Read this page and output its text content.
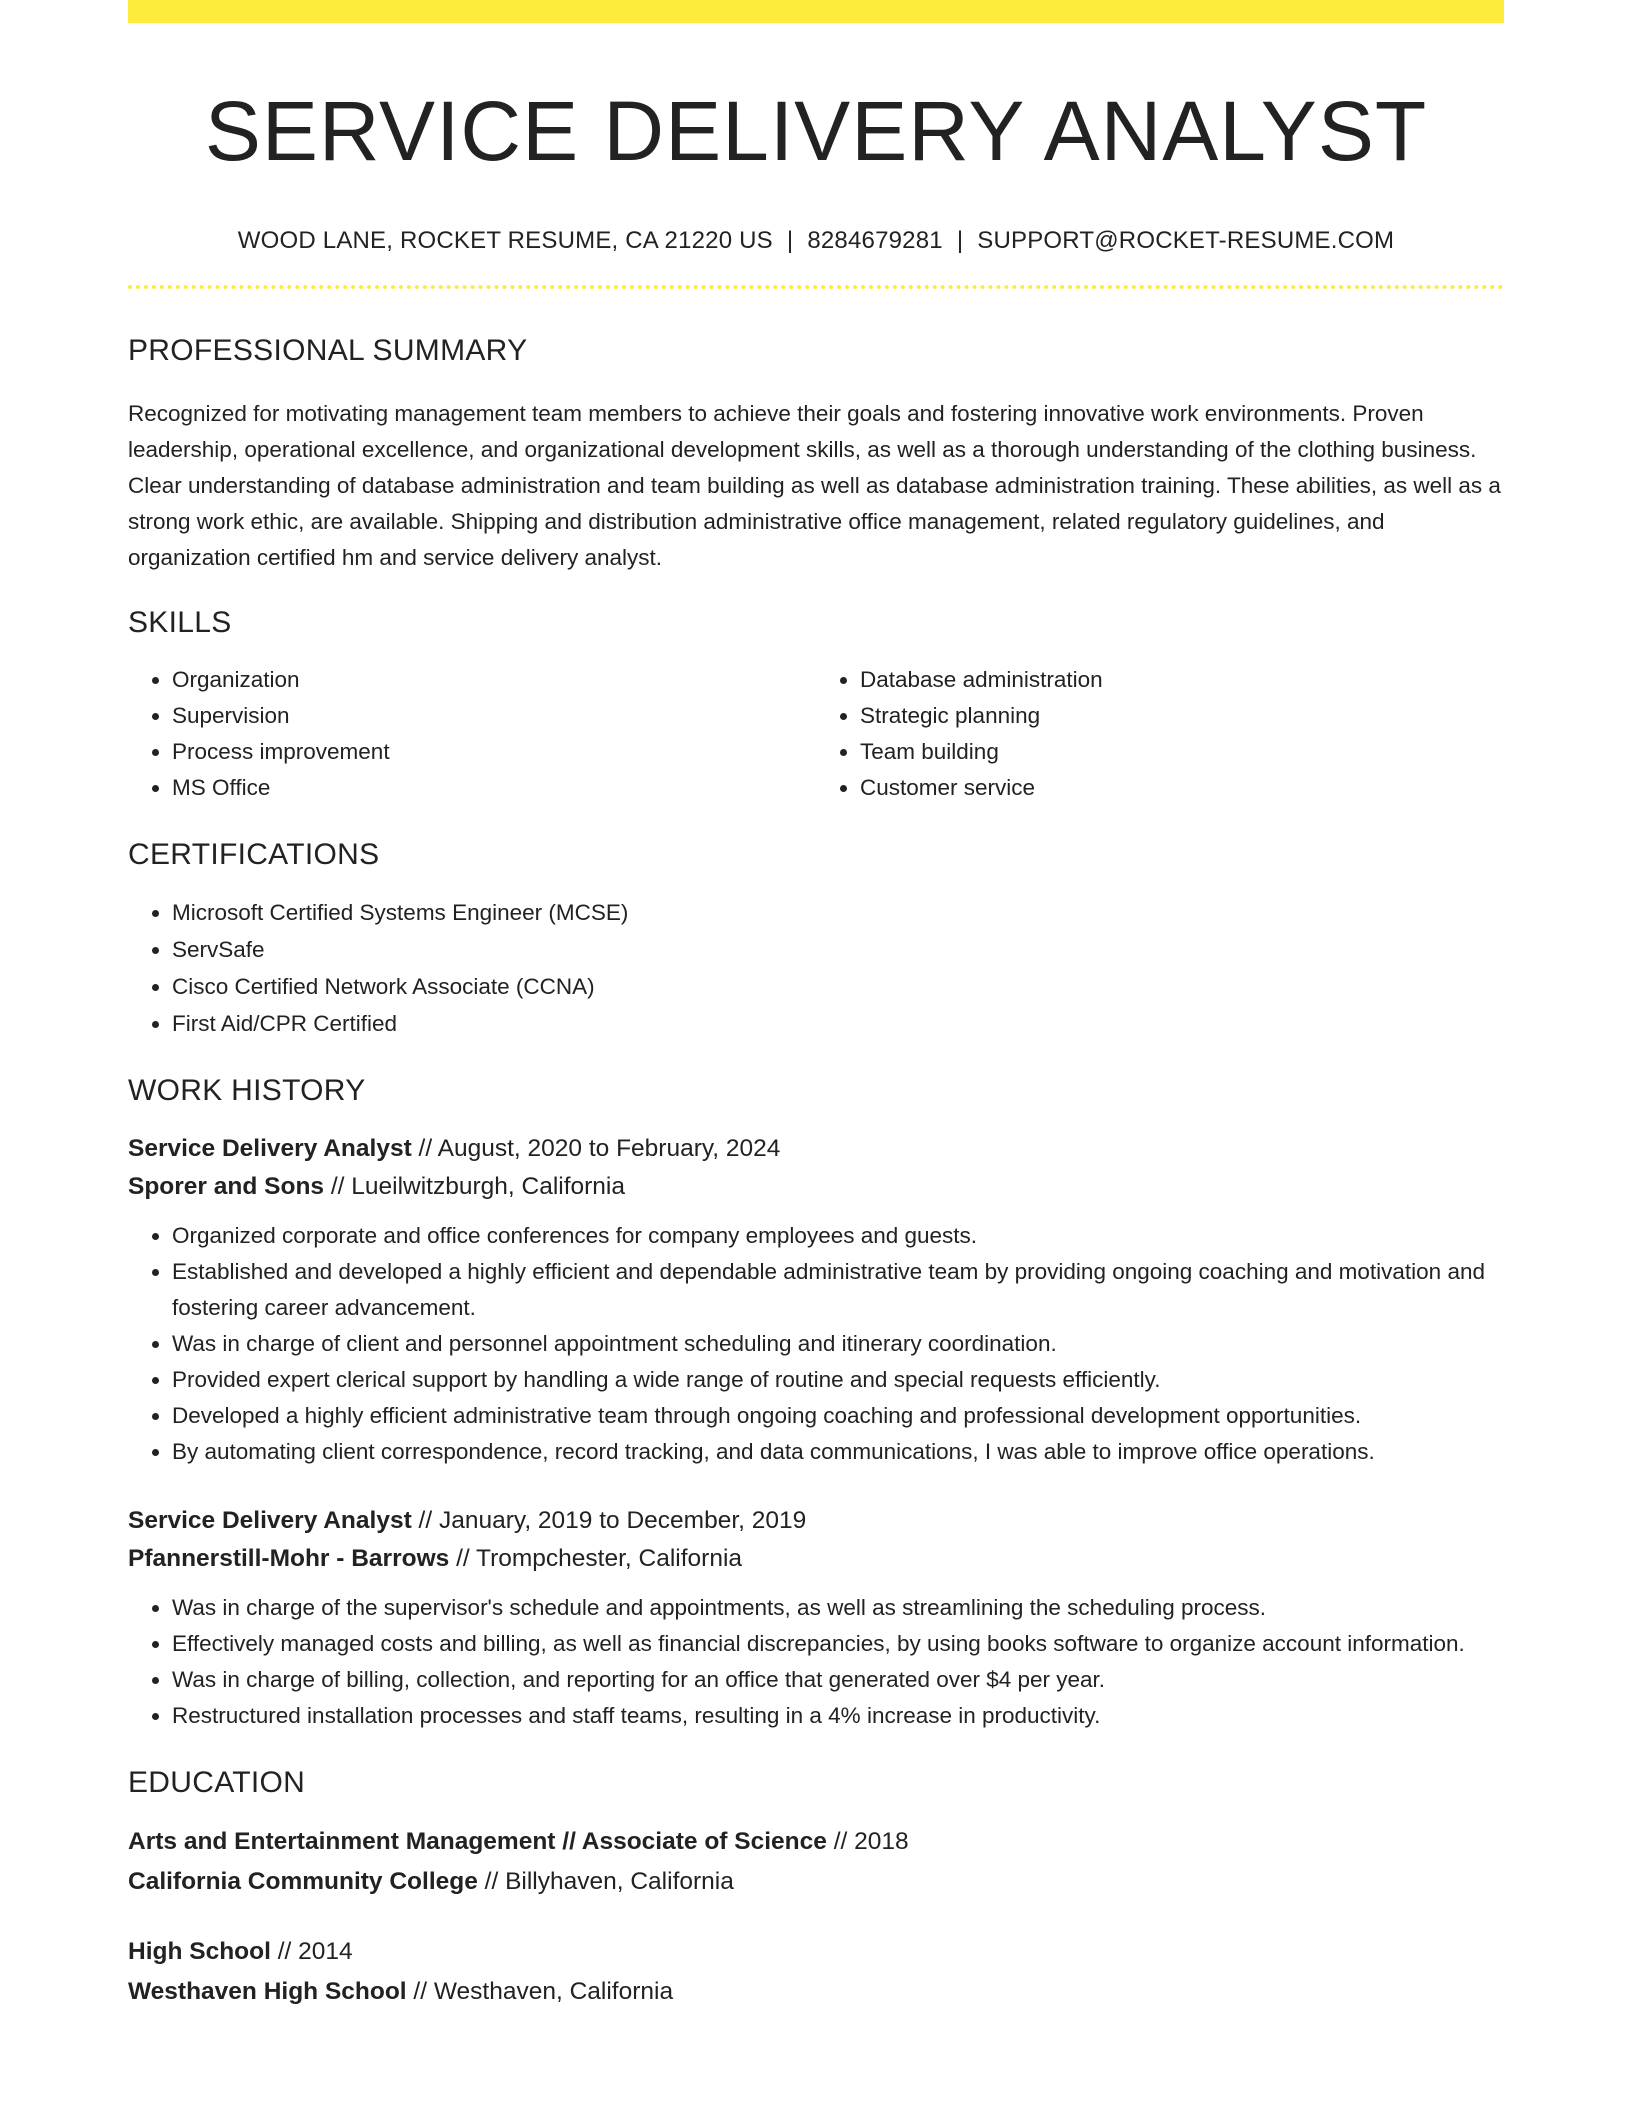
SERVICE DELIVERY ANALYST
WOOD LANE, ROCKET RESUME, CA 21220 US | 8284679281 | SUPPORT@ROCKET-RESUME.COM
PROFESSIONAL SUMMARY

Recognized for motivating management team members to achieve their goals and fostering innovative work environments. Proven leadership, operational excellence, and organizational development skills, as well as a thorough understanding of the clothing business. Clear understanding of database administration and team building as well as database administration training. These abilities, as well as a strong work ethic, are available. Shipping and distribution administrative office management, related regulatory guidelines, and organization certified hm and service delivery analyst.

SKILLS
• Organization
• Supervision
• Process improvement
• MS Office
• Database administration
• Strategic planning
• Team building
• Customer service
CERTIFICATIONS
• Microsoft Certified Systems Engineer (MCSE)
• ServSafe
• Cisco Certified Network Associate (CCNA)
• First Aid/CPR Certified
WORK HISTORY
Service Delivery Analyst // August, 2020 to February, 2024
Sporer and Sons // Lueilwitzburgh, California
• Organized corporate and office conferences for company employees and guests.
• Established and developed a highly efficient and dependable administrative team by providing ongoing coaching and motivation and fostering career advancement.
• Was in charge of client and personnel appointment scheduling and itinerary coordination.
• Provided expert clerical support by handling a wide range of routine and special requests efficiently.
• Developed a highly efficient administrative team through ongoing coaching and professional development opportunities.
• By automating client correspondence, record tracking, and data communications, I was able to improve office operations.
Service Delivery Analyst // January, 2019 to December, 2019
Pfannerstill-Mohr - Barrows // Trompchester, California
• Was in charge of the supervisor's schedule and appointments, as well as streamlining the scheduling process.
• Effectively managed costs and billing, as well as financial discrepancies, by using books software to organize account information.
• Was in charge of billing, collection, and reporting for an office that generated over $4 per year.
• Restructured installation processes and staff teams, resulting in a 4% increase in productivity.
EDUCATION
Arts and Entertainment Management // Associate of Science // 2018
California Community College // Billyhaven, California
High School // 2014
Westhaven High School // Westhaven, California
